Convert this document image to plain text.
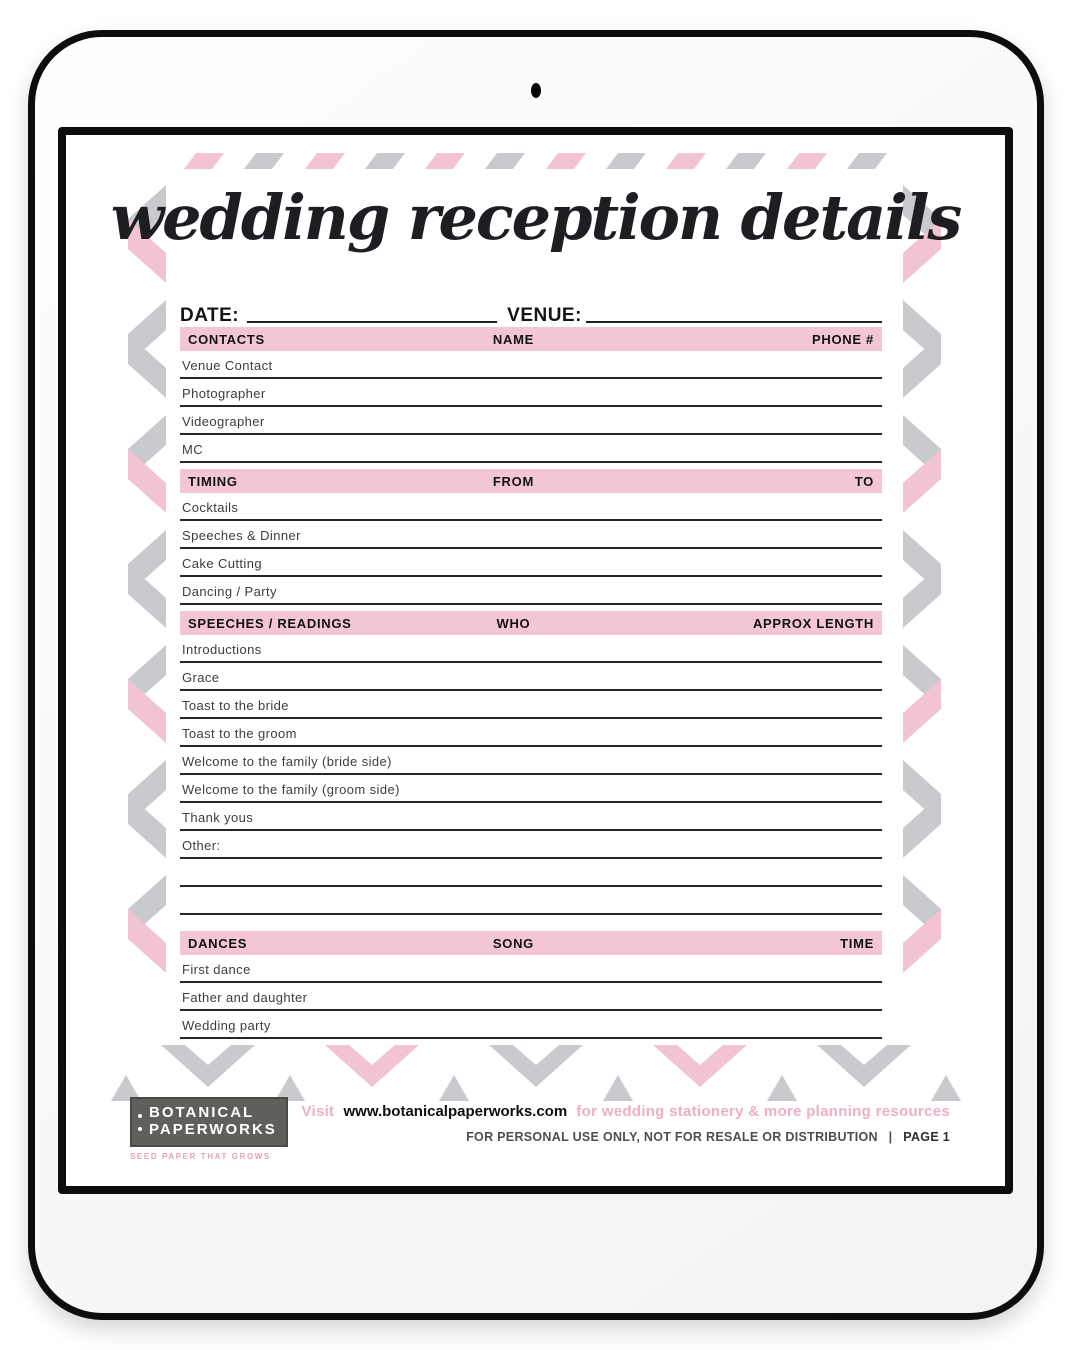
wedding reception details
DATE:	VENUE:
CONTACTS	NAME	PHONE #
Venue Contact
Photographer
Videographer
MC
TIMING	FROM	TO
Cocktails
Speeches & Dinner
Cake Cutting
Dancing / Party
SPEECHES / READINGS	WHO	APPROX LENGTH
Introductions
Grace
Toast to the bride
Toast to the groom
Welcome to the family (bride side)
Welcome to the family (groom side)
Thank yous
Other:
DANCES	SONG	TIME
First dance
Father and daughter
Wedding party
BOTANICAL
PAPERWORKS
SEED PAPER THAT GROWS
Visit www.botanicalpaperworks.com for wedding stationery & more planning resources
FOR PERSONAL USE ONLY, NOT FOR RESALE OR DISTRIBUTION | PAGE 1
